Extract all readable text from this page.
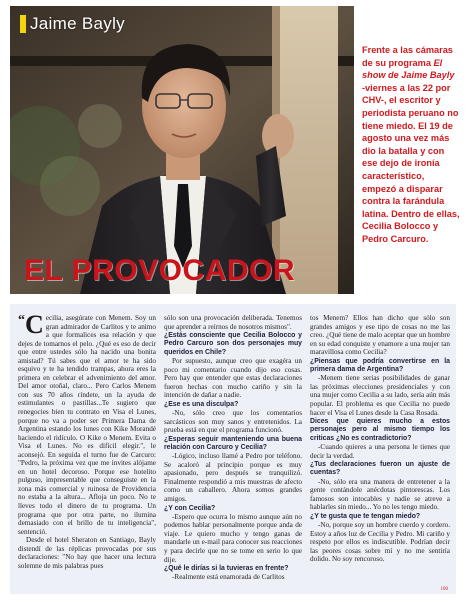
Jaime Bayly
EL PROVOCADOR

Frente a las cámaras de su programa El show de Jaime Bayly -viernes a las 22 por CHV-, el escritor y periodista peruano no tiene miedo. El 19 de agosto una vez más dio la batalla y con ese dejo de ironía característico, empezó a disparar contra la farándula latina. Dentro de ellas, Cecilia Bolocco y Pedro Carcuro.

“C ecilia, asegúrate con Menem. Soy un gran admirador de Carlitos y te animo a que formalices esa relación y que dejes de tomarnos el pelo. ¿Qué es eso de decir que entre ustedes sólo ha nacido una bonita amistad? Tú sabes que el amor te ha sido esquivo y te ha tendido trampas, ahora eres la primera en celebrar el advenimiento del amor. Del amor otoñal, claro... Pero Carlos Menem con sus 70 años ríndete, un la ayuda de estimulantes o pastillas...Te sugiero que renegocies bien tu contrato en Visa el Lunes, porque no va a poder ser Primera Dama de Argentina estando los lunes con Kike Morandé haciendo el ridículo. O Kike o Menem. Evita o Visa el Lunes. No es difícil elegir.", le aconsejó. En seguida el turno fue de Carcuro: "Pedro, la próxima vez que me invites alójame en un hotel decoroso. Porque ese hotelito pulguso, impresentable que conseguiste en la zona más comercial y ruinosa de Providencia no estaba a la altura... Afloja un poco. No te lleves todo el dinero de tu programa. Un programa que por otra parte, no ilumina demasiado con el brillo de tu inteligencia", sentenció.

Desde el hotel Sheraton en Santiago, Bayly distendí de las réplicas provocadas por sus declaraciones: "No hay que hacer una lectura solemne de mis palabras pues

sólo son una provocación deliberada. Tenemos que aprender a reírnos de nosotros mismos".

¿Estás consciente que Cecilia Bolocco y Pedro Carcuro son dos personajes muy queridos en Chile?

Por supuesto, aunque creo que exagéra un poco mi comentario cuando dijo eso cosas. Pero hay que entender que estas declaraciones fueron hechas con mucho cariño y sin la intención de dañar a nadie.

¿Ese es una disculpa?

-No, sólo creo que los comentarios sarcásticos son muy sanos y entretenidos. La prueba está en que el programa funcionó.

¿Esperas seguir manteniendo una buena relación con Carcuro y Cecilia?

-Lógico, incluso llamé a Pedro por teléfono. Se acaloró al principio porque es muy apasionado, pero después se tranquilizó. Finalmente respondió a mis muestras de afecto como un caballero. Ahora somos grandes amigos.

¿Y con Cecilia?

-Espero que ocurra lo mismo aunque aún no podemos hablar personalmente porque anda de viaje. Le quiero mucho y tengo ganas de mandarle un e-mail para conocer sus reacciones y para decirle que no se tome en serio lo que dije.

¿Qué le dirías si la tuvieras en frente?

-Realmente está enamorada de Carlitos

tos Menem? Ellos han dicho que sólo son grandes amigos y ese tipo de cosas no me las creo. ¿Qué tiene de malo aceptar que un hombre en su edad conquiste y enamore a una mujer tan maravillosa como Cecilia?

¿Piensas que podría convertirse en la primera dama de Argentina?

-Menem tiene serias posibilidades de ganar las próximas elecciones presidenciales y con una mujer como Cecilia a su lado, sería aún más popular. El problema es que Cecilia no puede hacer el Visa el Lunes desde la Casa Rosada.

Dices que quieres mucho a estos personajes pero al mismo tiempo los criticas ¿No es contradictorio?

-Cuando quieres a una persona le tienes que decir la verdad.

¿Tus declaraciones fueron un ajuste de cuentas?

-No, sólo era una manera de entretener a la gente contándole anécdotas pintorescas. Los famosos son intocables y nadie se atreve a hablarles sin miedo... Yo no les tengo miedo.

¿Y te gusta que te tengan miedo?

-No, porque soy un hombre cuerdo y cordero. Estoy a años luz de Cecilia y Pedro. Mi cariño y respeto por ellos es indiscutible. Podrían decir las peores cosas sobre mí y no me sentiría dolido. No soy rencoroso.

100
